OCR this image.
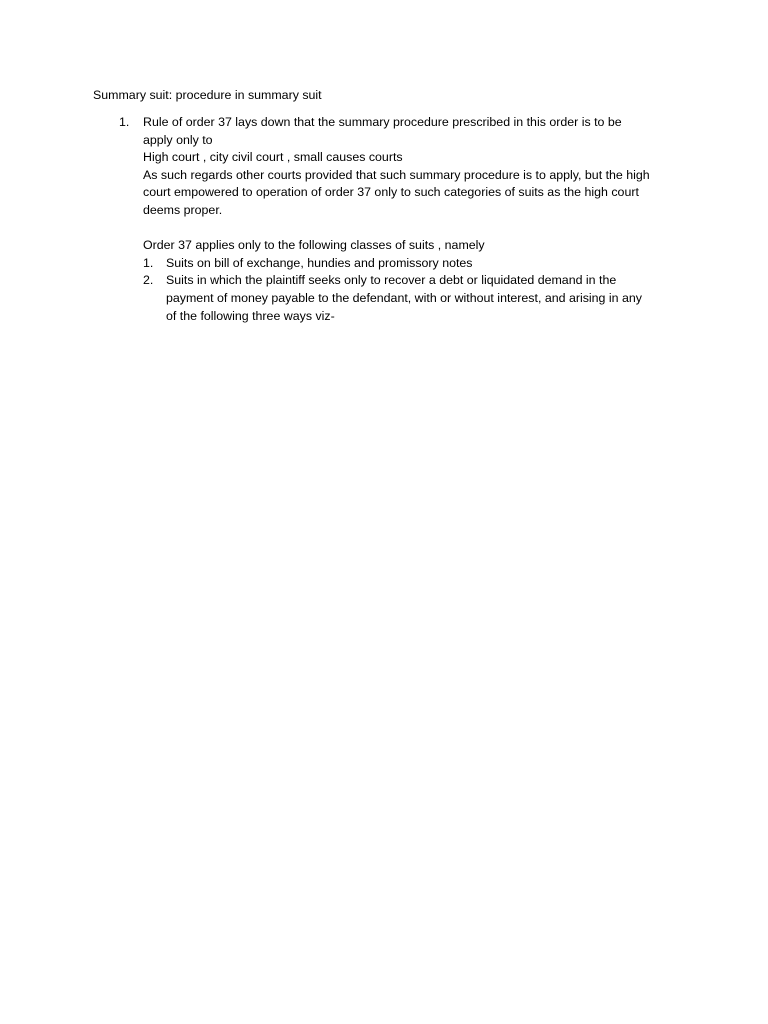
Summary suit: procedure in summary suit
1. Rule of order 37 lays down that the summary procedure prescribed in this order is to be
apply only to
High court , city civil court , small causes courts
As such regards other courts provided that such summary procedure is to apply, but the high
court empowered to operation of order 37 only to such categories of suits as the high court
deems proper.
Order 37 applies only to the following classes of suits , namely
1. Suits on bill of exchange, hundies and promissory notes
2. Suits in which the plaintiff seeks only to recover a debt or liquidated demand in the
payment of money payable to the defendant, with or without interest, and arising in any
of the following three ways viz-
